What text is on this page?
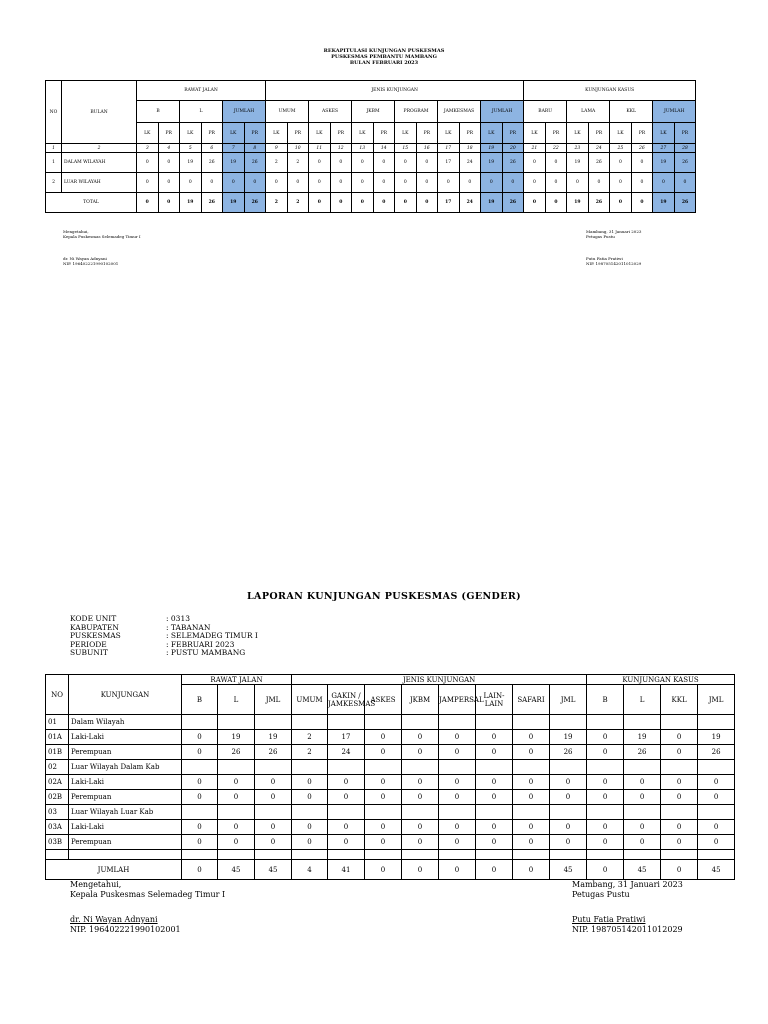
REKAPITULASI KUNJUNGAN PUSKESMAS
PUSKESMAS PEMBANTU MAMBANG
BULAN FEBRUARI 2023
NO	BULAN	RAWAT JALAN						JENIS KUNJUNGAN												KUNJUNGAN KASUS							
		B		L		JUMLAH		UMUM		ASKES		JKBM		PROGRAM		JAMKESMAS		JUMLAH		BARU		LAMA		KKL		JUMLAH	
		LK	PR	LK	PR	LK	PR	LK	PR	LK	PR	LK	PR	LK	PR	LK	PR	LK	PR	LK	PR	LK	PR	LK	PR	LK	PR
1	2	3	4	5	6	7	8	9	10	11	12	13	14	15	16	17	18	19	20	21	22	23	24	25	26	27	28
1	DALAM WILAYAH	0	0	19	26	19	26	2	2	0	0	0	0	0	0	17	24	19	26	0	0	19	26	0	0	19	26
2	LUAR WILAYAH	0	0	0	0	0	0	0	0	0	0	0	0	0	0	0	0	0	0	0	0	0	0	0	0	0	0
TOTAL		0	0	19	26	19	26	2	2	0	0	0	0	0	0	17	24	19	26	0	0	19	26	0	0	19	26
Mengetahui,
Kepala Puskesmas Selemadeg Timur I
dr. Ni Wayan Adnyani
NIP. 196402221990102001
Mambang, 31 Januari 2023
Petugas Pustu
Putu Fatia Pratiwi
NIP. 198705142011012029
LAPORAN KUNJUNGAN PUSKESMAS (GENDER)
KODE UNIT	: 0313
KABUPATEN	: TABANAN
PUSKESMAS	: SELEMADEG TIMUR I
PERIODE	: FEBRUARI 2023
SUBUNIT	: PUSTU MAMBANG
NO	KUNJUNGAN	RAWAT JALAN			JENIS KUNJUNGAN								KUNJUNGAN KASUS			
		B	L	JML	UMUM	GAKIN / JAMKESMAS	ASKES	JKBM	JAMPERSAL	LAIN-LAIN	SAFARI	JML	B	L	KKL	JML
01	Dalam Wilayah															
01A	Laki-Laki	0	19	19	2	17	0	0	0	0	0	19	0	19	0	19
01B	Perempuan	0	26	26	2	24	0	0	0	0	0	26	0	26	0	26
02	Luar Wilayah Dalam Kab															
02A	Laki-Laki	0	0	0	0	0	0	0	0	0	0	0	0	0	0	0
02B	Perempuan	0	0	0	0	0	0	0	0	0	0	0	0	0	0	0
03	Luar Wilayah Luar Kab															
03A	Laki-Laki	0	0	0	0	0	0	0	0	0	0	0	0	0	0	0
03B	Perempuan	0	0	0	0	0	0	0	0	0	0	0	0	0	0	0

JUMLAH		0	45	45	4	41	0	0	0	0	0	45	0	45	0	45
Mengetahui,
Kepala Puskesmas Selemadeg Timur I
dr. Ni Wayan Adnyani
NIP. 196402221990102001
Mambang, 31 Januari 2023
Petugas Pustu
Putu Fatia Pratiwi
NIP. 198705142011012029
